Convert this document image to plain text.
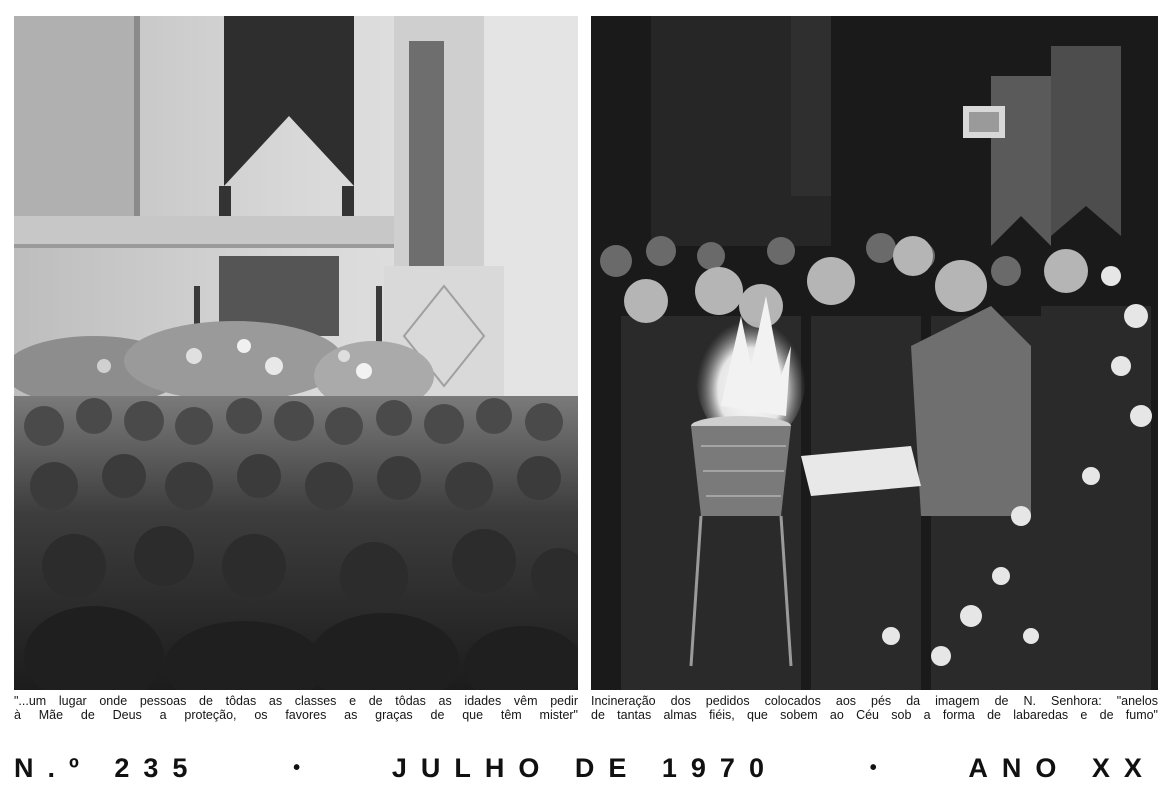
"...um lugar onde pessoas de tôdas as classes e de tôdas as idades vêm pedir
à Mãe de Deus a proteção, os favores as graças de que têm mister"
Incineração dos pedidos colocados aos pés da imagem de N. Senhora: "anelos
de tantas almas fiéis, que sobem ao Céu sob a forma de labaredas e de fumo"
N.º 235	•	JULHO DE 1970	•	ANO XX
